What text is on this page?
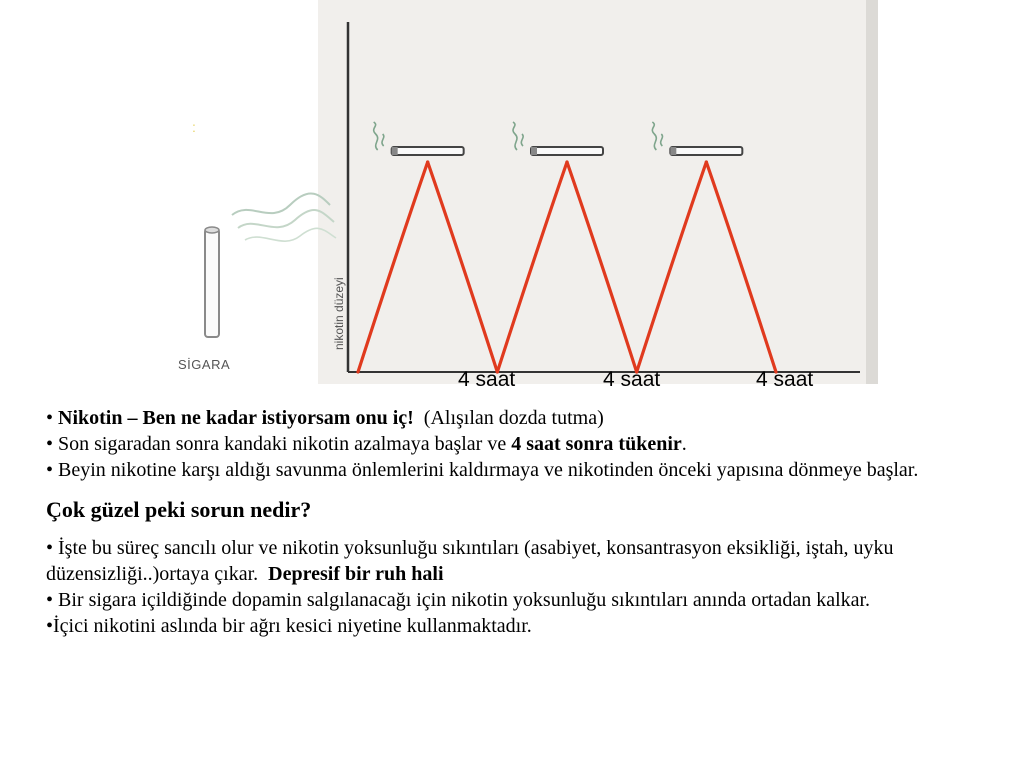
:
SİGARA
nikotin düzeyi
4 saat	4 saat	4 saat

• Nikotin – Ben ne kadar istiyorsam onu iç! (Alışılan dozda tutma)

• Son sigaradan sonra kandaki nikotin azalmaya başlar ve 4 saat sonra tükenir.

• Beyin nikotine karşı aldığı savunma önlemlerini kaldırmaya ve nikotinden önceki yapısına dönmeye başlar.

Çok güzel peki sorun nedir?

• İşte bu süreç sancılı olur ve nikotin yoksunluğu sıkıntıları (asabiyet, konsantrasyon eksikliği, iştah, uyku düzensizliği..)ortaya çıkar. Depresif bir ruh hali

• Bir sigara içildiğinde dopamin salgılanacağı için nikotin yoksunluğu sıkıntıları anında ortadan kalkar.

•İçici nikotini aslında bir ağrı kesici niyetine kullanmaktadır.
